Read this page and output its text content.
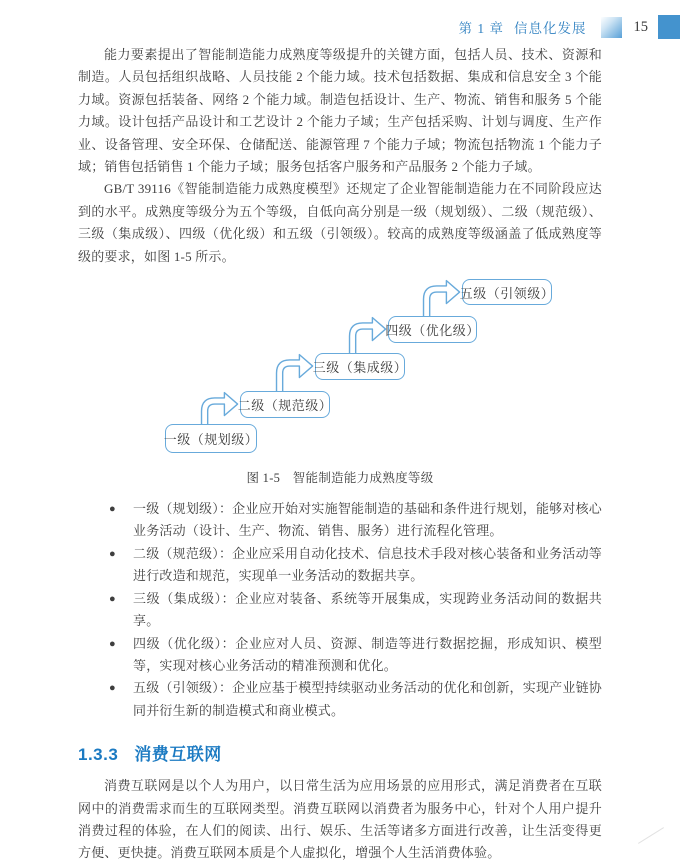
第 1 章 信息化发展	15

能力要素提出了智能制造能力成熟度等级提升的关键方面，包括人员、技术、资源和制造。人员包括组织战略、人员技能 2 个能力域。技术包括数据、集成和信息安全 3 个能力域。资源包括装备、网络 2 个能力域。制造包括设计、生产、物流、销售和服务 5 个能力域。设计包括产品设计和工艺设计 2 个能力子域；生产包括采购、计划与调度、生产作业、设备管理、安全环保、仓储配送、能源管理 7 个能力子域；物流包括物流 1 个能力子域；销售包括销售 1 个能力子域；服务包括客户服务和产品服务 2 个能力子域。

GB/T 39116《智能制造能力成熟度模型》还规定了企业智能制造能力在不同阶段应达到的水平。成熟度等级分为五个等级，自低向高分别是一级（规划级）、二级（规范级）、三级（集成级）、四级（优化级）和五级（引领级）。较高的成熟度等级涵盖了低成熟度等级的要求，如图 1-5 所示。

一级（规划级）
二级（规范级）
三级（集成级）
四级（优化级）
五级（引领级）
图 1-5 智能制造能力成熟度等级
● 一级（规划级）：企业应开始对实施智能制造的基础和条件进行规划，能够对核心业务活动（设计、生产、物流、销售、服务）进行流程化管理。
● 二级（规范级）：企业应采用自动化技术、信息技术手段对核心装备和业务活动等进行改造和规范，实现单一业务活动的数据共享。
● 三级（集成级）：企业应对装备、系统等开展集成，实现跨业务活动间的数据共享。
● 四级（优化级）：企业应对人员、资源、制造等进行数据挖掘，形成知识、模型等，实现对核心业务活动的精准预测和优化。
● 五级（引领级）：企业应基于模型持续驱动业务活动的优化和创新，实现产业链协同并衍生新的制造模式和商业模式。
1.3.3 消费互联网

消费互联网是以个人为用户，以日常生活为应用场景的应用形式，满足消费者在互联网中的消费需求而生的互联网类型。消费互联网以消费者为服务中心，针对个人用户提升消费过程的体验，在人们的阅读、出行、娱乐、生活等诸多方面进行改善，让生活变得更方便、更快捷。消费互联网本质是个人虚拟化，增强个人生活消费体验。
